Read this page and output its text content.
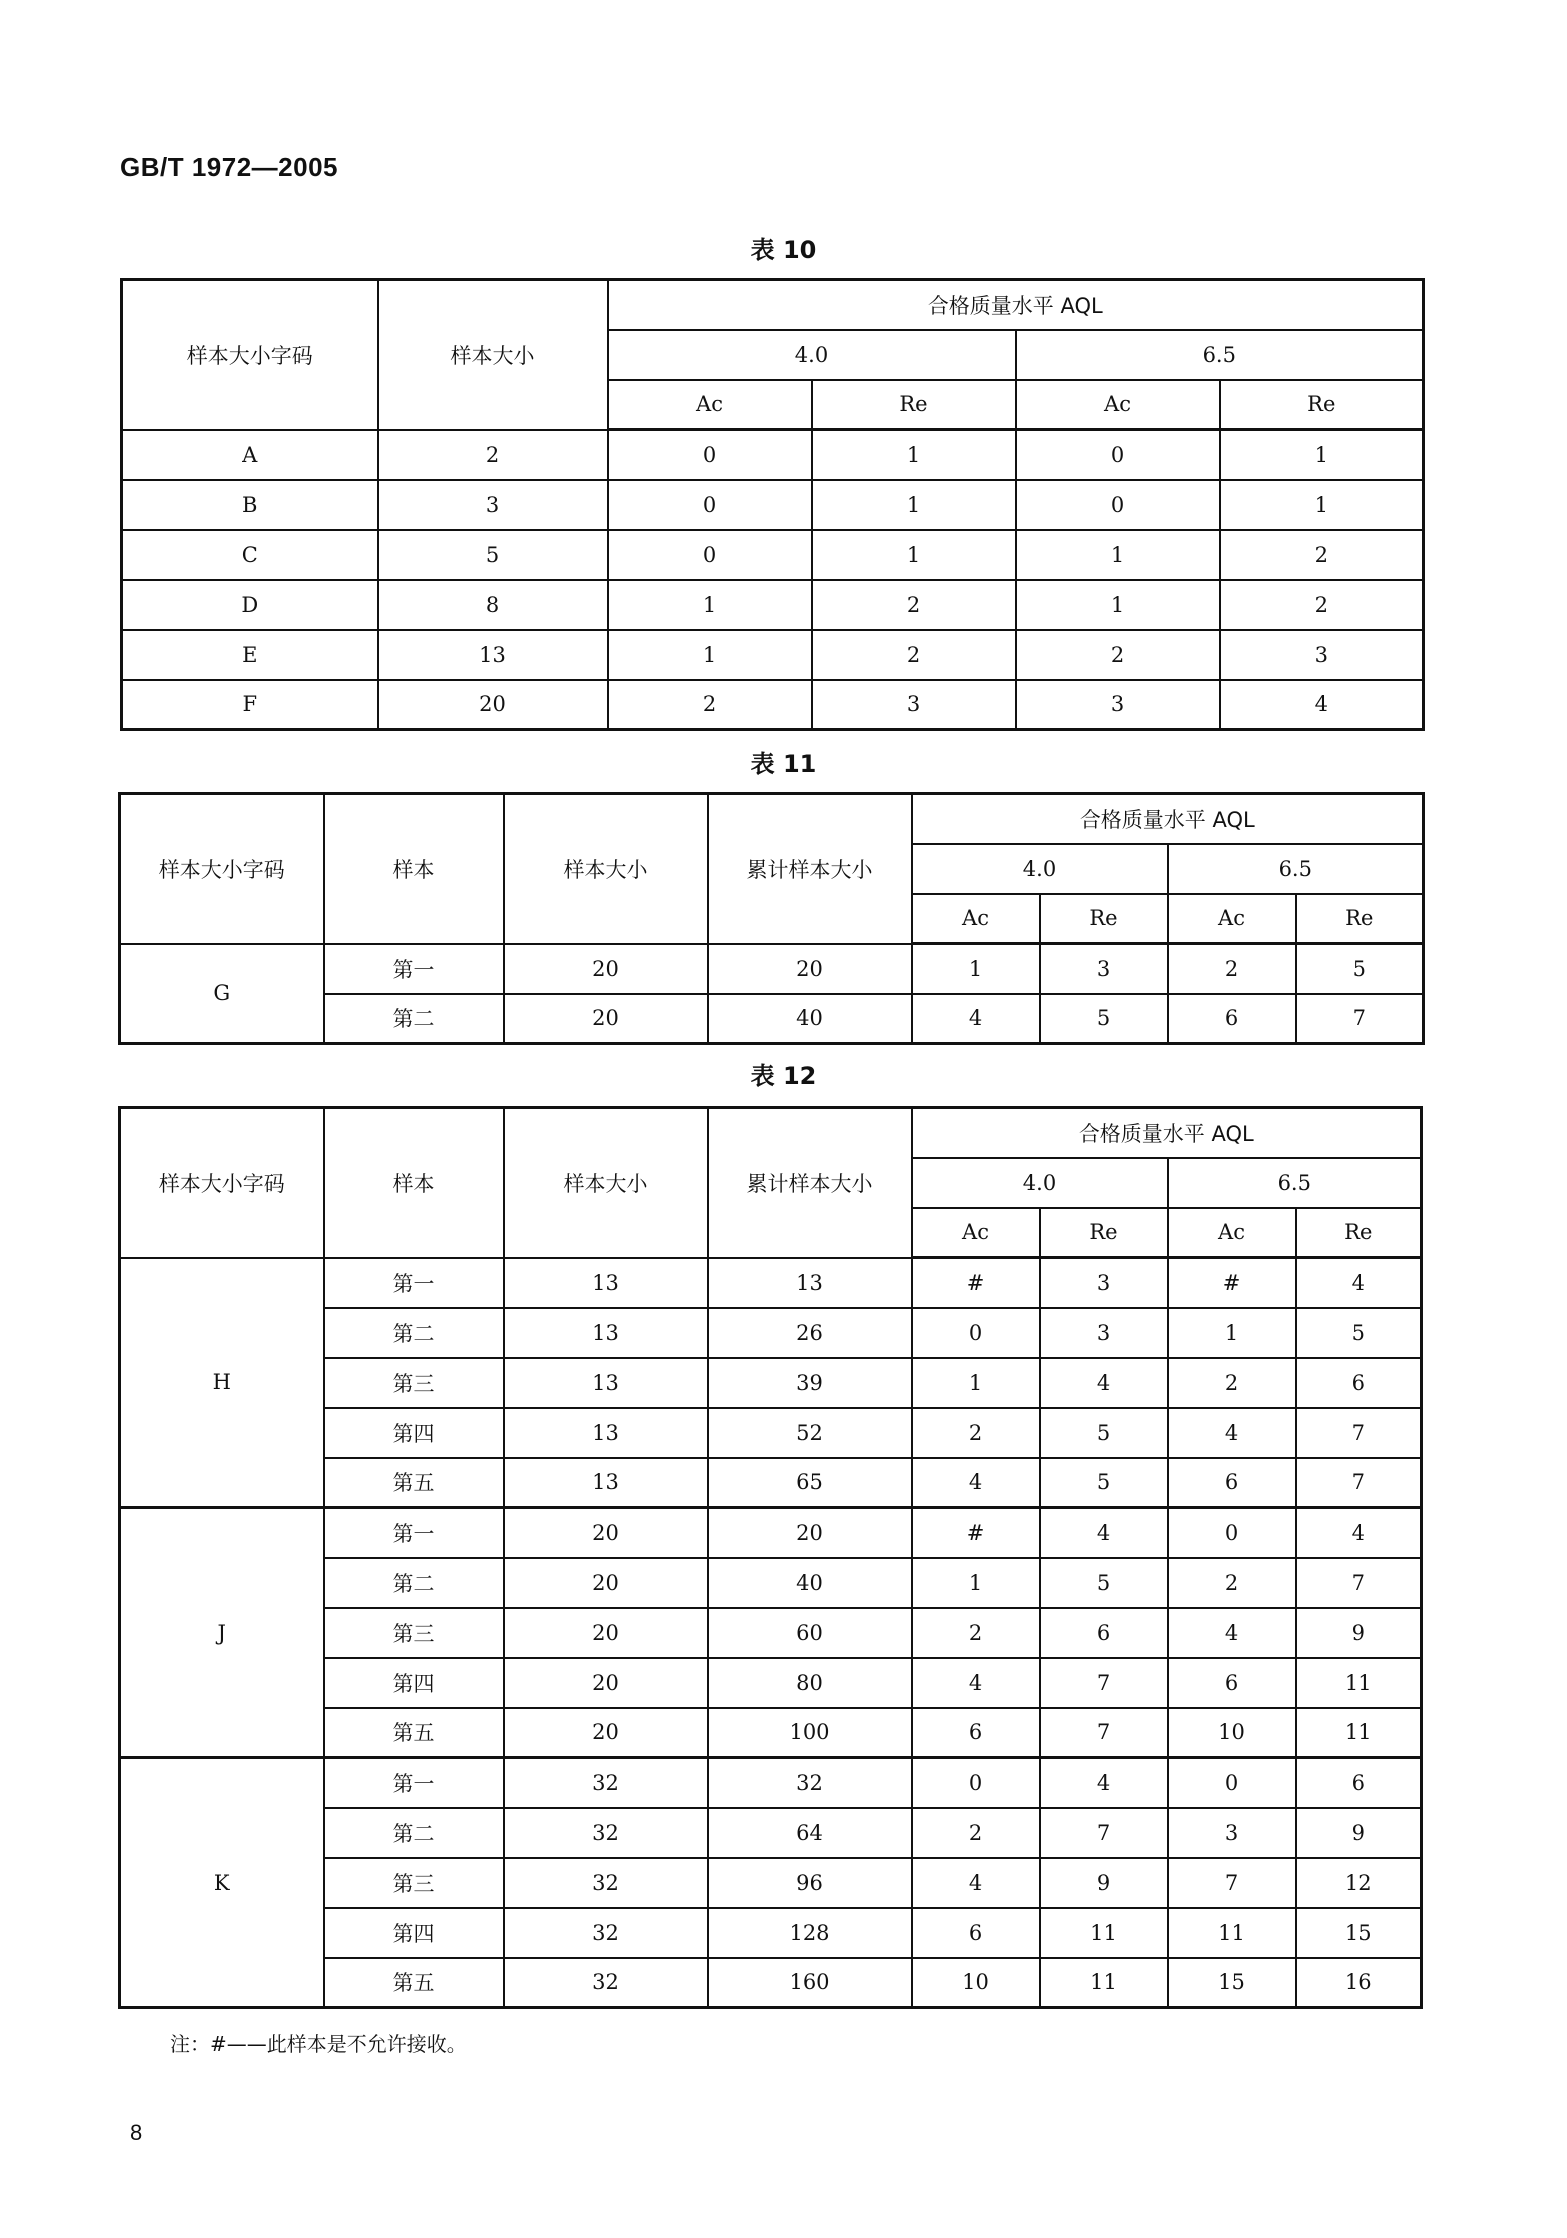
GB/T 1972—2005
表 10
样本大小字码	样本大小	合格质量水平 AQL			
		4.0		6.5	
		Ac	Re	Ac	Re
A	2	0	1	0	1
B	3	0	1	0	1
C	5	0	1	1	2
D	8	1	2	1	2
E	13	1	2	2	3
F	20	2	3	3	4
表 11
样本大小字码	样本	样本大小	累计样本大小	合格质量水平 AQL			
				4.0		6.5	
				Ac	Re	Ac	Re
G	第一	20	20	1	3	2	5
	第二	20	40	4	5	6	7
表 12
样本大小字码	样本	样本大小	累计样本大小	合格质量水平 AQL			
				4.0		6.5	
				Ac	Re	Ac	Re
H	第一	13	13	#	3	#	4
	第二	13	26	0	3	1	5
	第三	13	39	1	4	2	6
	第四	13	52	2	5	4	7
	第五	13	65	4	5	6	7
J	第一	20	20	#	4	0	4
	第二	20	40	1	5	2	7
	第三	20	60	2	6	4	9
	第四	20	80	4	7	6	11
	第五	20	100	6	7	10	11
K	第一	32	32	0	4	0	6
	第二	32	64	2	7	3	9
	第三	32	96	4	9	7	12
	第四	32	128	6	11	11	15
	第五	32	160	10	11	15	16
注：#——此样本是不允许接收。
8
